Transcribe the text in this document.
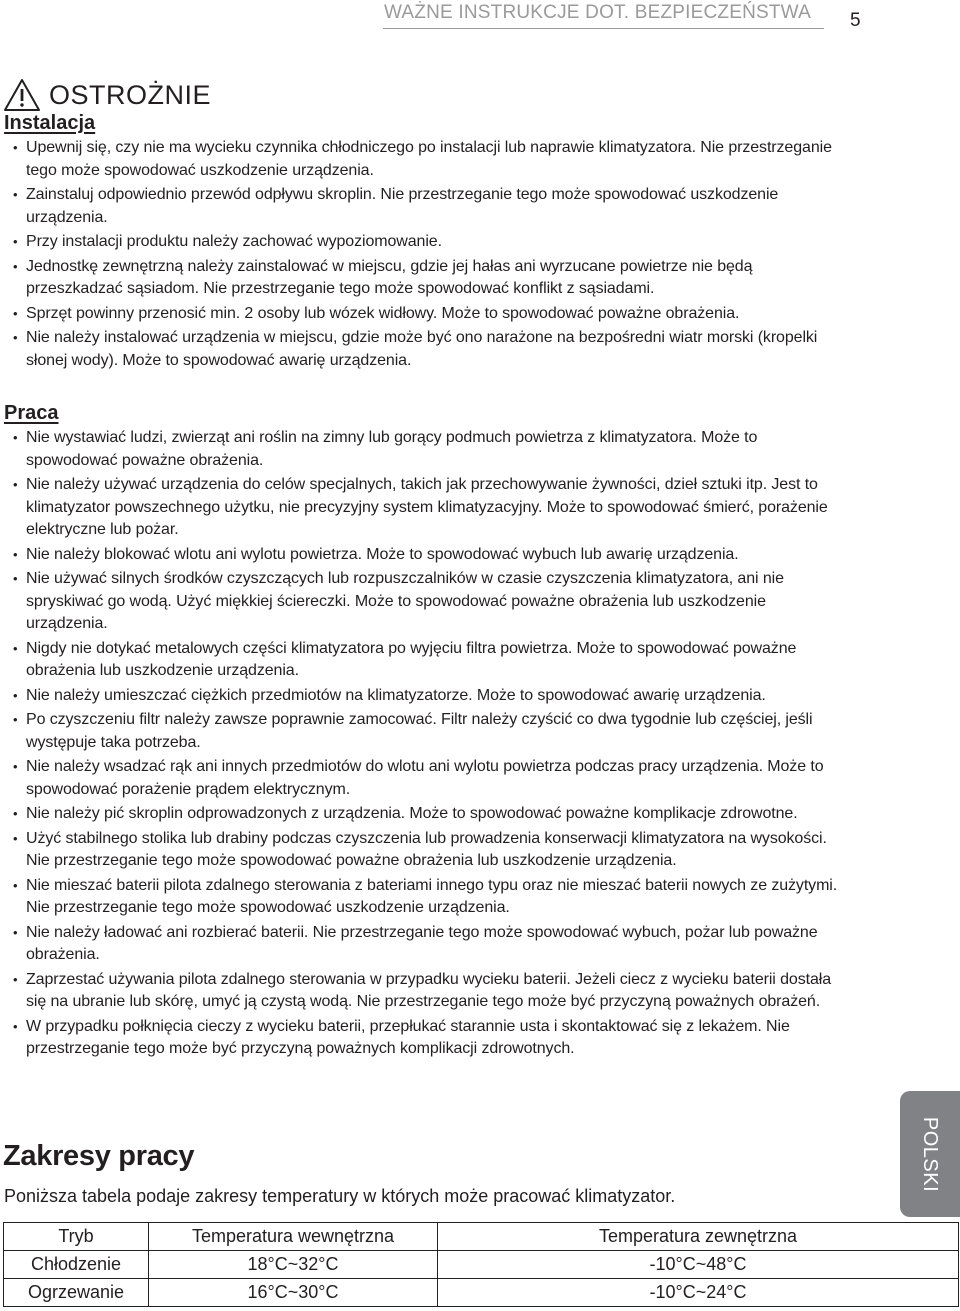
WAŻNE INSTRUKCJE DOT. BEZPIECZEŃSTWA 5
OSTROŻNIE
Instalacja
• Upewnij się, czy nie ma wycieku czynnika chłodniczego po instalacji lub naprawie klimatyzatora. Nie przestrzeganie tego może spowodować uszkodzenie urządzenia.
• Zainstaluj odpowiednio przewód odpływu skroplin. Nie przestrzeganie tego może spowodować uszkodzenie urządzenia.
• Przy instalacji produktu należy zachować wypoziomowanie.
• Jednostkę zewnętrzną należy zainstalować w miejscu, gdzie jej hałas ani wyrzucane powietrze nie będą przeszkadzać sąsiadom. Nie przestrzeganie tego może spowodować konflikt z sąsiadami.
• Sprzęt powinny przenosić min. 2 osoby lub wózek widłowy. Może to spowodować poważne obrażenia.
• Nie należy instalować urządzenia w miejscu, gdzie może być ono narażone na bezpośredni wiatr morski (kropelki słonej wody). Może to spowodować awarię urządzenia.
Praca
• Nie wystawiać ludzi, zwierząt ani roślin na zimny lub gorący podmuch powietrza z klimatyzatora. Może to spowodować poważne obrażenia.
• Nie należy używać urządzenia do celów specjalnych, takich jak przechowywanie żywności, dzieł sztuki itp. Jest to klimatyzator powszechnego użytku, nie precyzyjny system klimatyzacyjny. Może to spowodować śmierć, porażenie elektryczne lub pożar.
• Nie należy blokować wlotu ani wylotu powietrza. Może to spowodować wybuch lub awarię urządzenia.
• Nie używać silnych środków czyszczących lub rozpuszczalników w czasie czyszczenia klimatyzatora, ani nie spryskiwać go wodą. Użyć miękkiej ściereczki. Może to spowodować poważne obrażenia lub uszkodzenie urządzenia.
• Nigdy nie dotykać metalowych części klimatyzatora po wyjęciu filtra powietrza. Może to spowodować poważne obrażenia lub uszkodzenie urządzenia.
• Nie należy umieszczać ciężkich przedmiotów na klimatyzatorze. Może to spowodować awarię urządzenia.
• Po czyszczeniu filtr należy zawsze poprawnie zamocować. Filtr należy czyścić co dwa tygodnie lub częściej, jeśli występuje taka potrzeba.
• Nie należy wsadzać rąk ani innych przedmiotów do wlotu ani wylotu powietrza podczas pracy urządzenia. Może to spowodować porażenie prądem elektrycznym.
• Nie należy pić skroplin odprowadzonych z urządzenia. Może to spowodować poważne komplikacje zdrowotne.
• Użyć stabilnego stolika lub drabiny podczas czyszczenia lub prowadzenia konserwacji klimatyzatora na wysokości. Nie przestrzeganie tego może spowodować poważne obrażenia lub uszkodzenie urządzenia.
• Nie mieszać baterii pilota zdalnego sterowania z bateriami innego typu oraz nie mieszać baterii nowych ze zużytymi. Nie przestrzeganie tego może spowodować uszkodzenie urządzenia.
• Nie należy ładować ani rozbierać baterii. Nie przestrzeganie tego może spowodować wybuch, pożar lub poważne obrażenia.
• Zaprzestać używania pilota zdalnego sterowania w przypadku wycieku baterii. Jeżeli ciecz z wycieku baterii dostała się na ubranie lub skórę, umyć ją czystą wodą. Nie przestrzeganie tego może być przyczyną poważnych obrażeń.
• W przypadku połknięcia cieczy z wycieku baterii, przepłukać starannie usta i skontaktować się z lekażem. Nie przestrzeganie tego może być przyczyną poważnych komplikacji zdrowotnych.
Zakresy pracy

Poniższa tabela podaje zakresy temperatury w których może pracować klimatyzator.

Tryb	Temperatura wewnętrzna	Temperatura zewnętrzna
Chłodzenie	18°C~32°C	-10°C~48°C
Ogrzewanie	16°C~30°C	-10°C~24°C
POLSKI
